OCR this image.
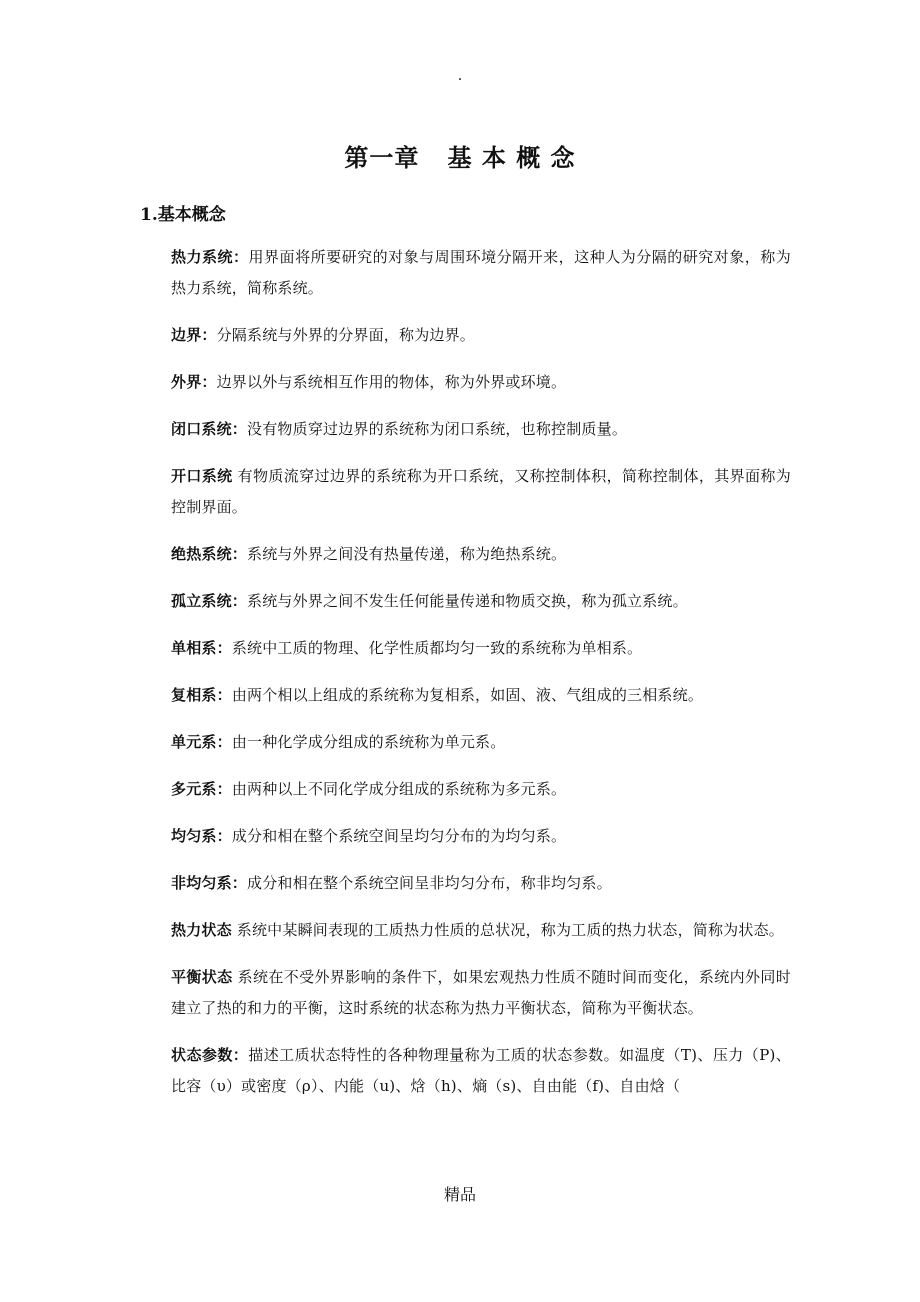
.
第一章   基 本 概 念
1.基本概念

热力系统：用界面将所要研究的对象与周围环境分隔开来，这种人为分隔的研究对象，称为热力系统，简称系统。

边界：分隔系统与外界的分界面，称为边界。

外界：边界以外与系统相互作用的物体，称为外界或环境。

闭口系统：没有物质穿过边界的系统称为闭口系统，也称控制质量。

开口系统 有物质流穿过边界的系统称为开口系统，又称控制体积，简称控制体，其界面称为控制界面。

绝热系统：系统与外界之间没有热量传递，称为绝热系统。

孤立系统：系统与外界之间不发生任何能量传递和物质交换，称为孤立系统。

单相系：系统中工质的物理、化学性质都均匀一致的系统称为单相系。

复相系：由两个相以上组成的系统称为复相系，如固、液、气组成的三相系统。

单元系：由一种化学成分组成的系统称为单元系。

多元系：由两种以上不同化学成分组成的系统称为多元系。

均匀系：成分和相在整个系统空间呈均匀分布的为均匀系。

非均匀系：成分和相在整个系统空间呈非均匀分布，称非均匀系。

热力状态 系统中某瞬间表现的工质热力性质的总状况，称为工质的热力状态，简称为状态。

平衡状态 系统在不受外界影响的条件下，如果宏观热力性质不随时间而变化，系统内外同时建立了热的和力的平衡，这时系统的状态称为热力平衡状态，简称为平衡状态。

状态参数：描述工质状态特性的各种物理量称为工质的状态参数。如温度（T)、压力（P)、比容（υ）或密度（ρ）、内能（u)、焓（h)、熵（s)、自由能（f)、自由焓（

精品
